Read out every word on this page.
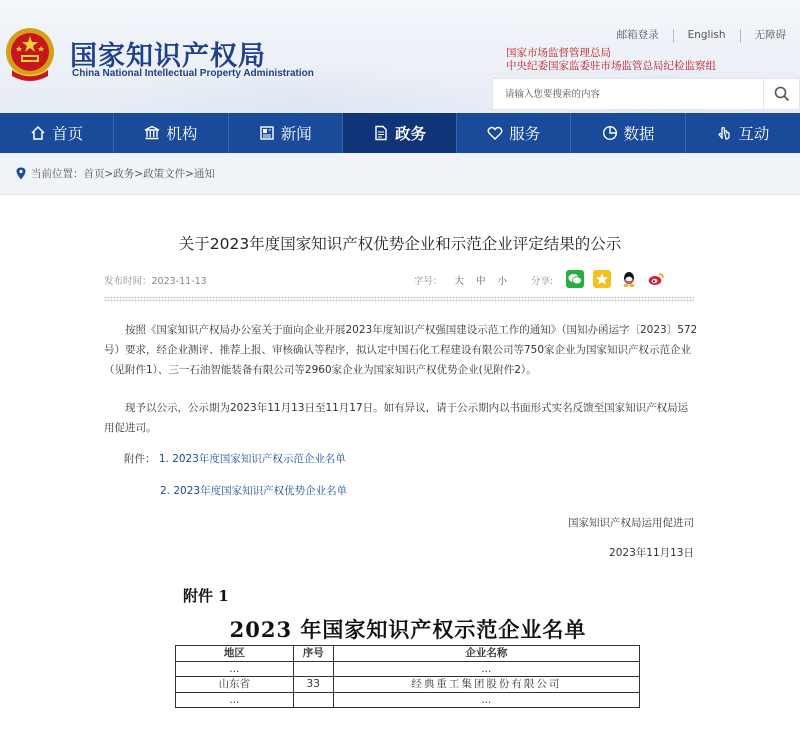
国家知识产权局
China National Intellectual Property Administration
邮箱登录	English	无障碍
国家市场监督管理总局
中央纪委国家监委驻市场监管总局纪检监察组
请输入您要搜索的内容
首页	机构	新闻	政务	服务	数据	互动
当前位置：首页>政务>政策文件>通知
关于2023年度国家知识产权优势企业和示范企业评定结果的公示
发布时间：2023-11-13	字号： 大 中 小	分享:
按照《国家知识产权局办公室关于面向企业开展2023年度知识产权强国建设示范工作的通知》（国知办函运字〔2023〕572号）要求，经企业测评、推荐上报、审核确认等程序，拟认定中国石化工程建设有限公司等750家企业为国家知识产权示范企业（见附件1）、三一石油智能装备有限公司等2960家企业为国家知识产权优势企业(见附件2）。
现予以公示，公示期为2023年11月13日至11月17日。如有异议，请于公示期内以书面形式实名反馈至国家知识产权局运用促进司。
附件： 1. 2023年度国家知识产权示范企业名单
2. 2023年度国家知识产权优势企业名单
国家知识产权局运用促进司
2023年11月13日
附件 1
2023 年国家知识产权示范企业名单
地区	序号	企业名称
...		...
山东省	33	经典重工集团股份有限公司
...		...
